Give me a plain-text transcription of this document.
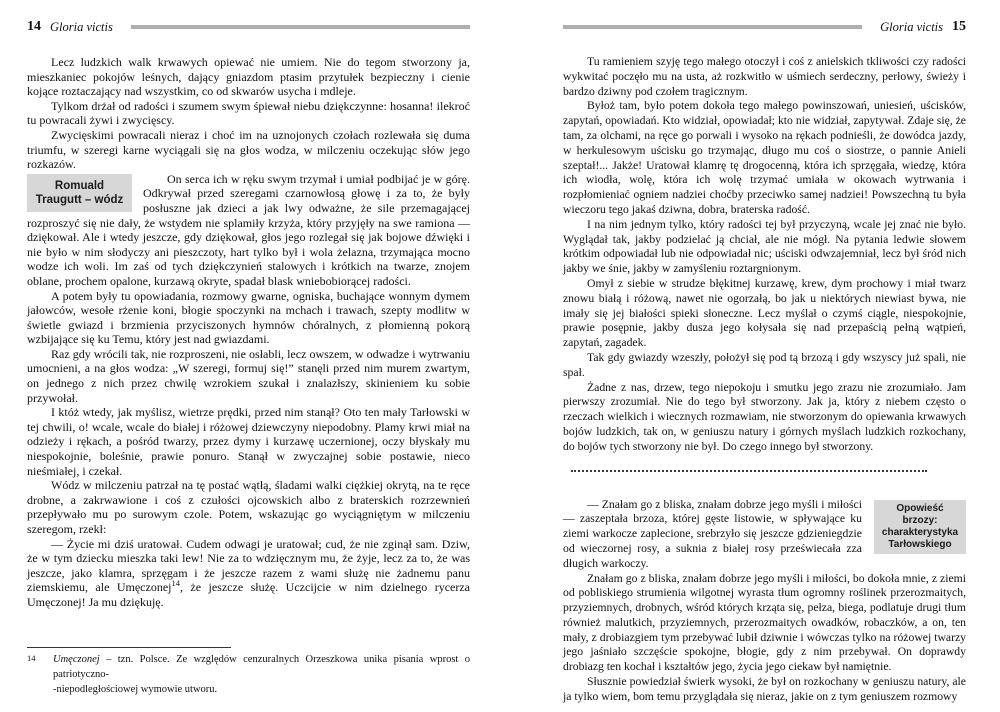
14 Gloria victis

Lecz ludzkich walk krwawych opiewać nie umiem. Nie do tegom stworzony ja, mieszkaniec pokojów leśnych, dający gniazdom ptasim przytułek bezpieczny i cienie kojące roztaczający nad wszystkim, co od skwarów usycha i mdleje.

Tylkom drżał od radości i szumem swym śpiewał niebu dziękczynne: hosanna! ilekroć tu powracali żywi i zwycięscy.

Zwycięskimi powracali nieraz i choć im na uznojonych czołach rozlewała się duma triumfu, w szeregi karne wyciągali się na głos wodza, w milczeniu oczekując słów jego rozkazów.

Romuald
Traugutt – wódz
On serca ich w ręku swym trzymał i umiał podbijać je w górę. Odkrywał przed szeregami czarnowłosą głowę i za to, że były posłuszne jak dzieci a jak lwy odważne, że sile przemagającej rozproszyć się nie dały, że wstydem nie splamiły krzyża, który przyjęły na swe ramiona — dziękował. Ale i wtedy jeszcze, gdy dziękował, głos jego rozlegał się jak bojowe dźwięki i nie było w nim słodyczy ani pieszczoty, hart tylko był i wola żelazna, trzymająca mocno wodze ich woli. Im zaś od tych dziękczynień stalowych i krótkich na twarze, znojem oblane, prochem opalone, kurzawą okryte, spadał blask wniebobiorącej radości.

A potem były tu opowiadania, rozmowy gwarne, ogniska, buchające wonnym dymem jałowców, wesołe rżenie koni, błogie spoczynki na mchach i trawach, szepty modlitw w świetle gwiazd i brzmienia przyciszonych hymnów chóralnych, z płomienną pokorą wzbijające się ku Temu, który jest nad gwiazdami.

Raz gdy wrócili tak, nie rozproszeni, nie osłabli, lecz owszem, w odwadze i wytrwaniu umocnieni, a na głos wodza: „W szeregi, formuj się!” stanęli przed nim murem zwartym, on jednego z nich przez chwilę wzrokiem szukał i znalazłszy, skinieniem ku sobie przywołał.

I któż wtedy, jak myślisz, wietrze prędki, przed nim stanął? Oto ten mały Tarłowski w tej chwili, o! wcale, wcale do białej i różowej dziewczyny niepodobny. Plamy krwi miał na odzieży i rękach, a pośród twarzy, przez dymy i kurzawę uczernionej, oczy błyskały mu niespokojnie, boleśnie, prawie ponuro. Stanął w zwyczajnej sobie postawie, nieco nieśmiałej, i czekał.

Wódz w milczeniu patrzał na tę postać wątłą, śladami walki ciężkiej okrytą, na te ręce drobne, a zakrwawione i coś z czułości ojcowskich albo z braterskich rozrzewnień przepływało mu po surowym czole. Potem, wskazując go wyciągniętym w milczeniu szeregom, rzekł:

— Życie mi dziś uratował. Cudem odwagi je uratował; cud, że nie zginął sam. Dziw, że w tym dziecku mieszka taki lew! Nie za to wdzięcznym mu, że żyje, lecz za to, że was jeszcze, jako klamra, sprzęgam i że jeszcze razem z wami służę nie żadnemu panu ziemskiemu, ale Umęczonej$^{14}$, że jeszcze służę. Uczcijcie w nim dzielnego rycerza Umęczonej! Ja mu dziękuję.

$^{14}$ Umęczonej – tzn. Polsce. Ze względów cenzuralnych Orzeszkowa unika pisania wprost o patriotyczno-
-niepodległościowej wymowie utworu.

Gloria victis 15

Tu ramieniem szyję tego małego otoczył i coś z anielskich tkliwości czy radości wykwitać poczęło mu na usta, aż rozkwitło w uśmiech serdeczny, perłowy, świeży i bardzo dziwny pod czołem tragicznym.

Byłoż tam, było potem dokoła tego małego powinszowań, uniesień, uścisków, zapytań, opowiadań. Kto widział, opowiadał; kto nie widział, zapytywał. Zdaje się, że tam, za olchami, na ręce go porwali i wysoko na rękach podnieśli, że dowódca jazdy, w herkulesowym uścisku go trzymając, długo mu coś o siostrze, o pannie Anieli szeptał!... Jakże! Uratował klamrę tę drogocenną, która ich sprzęgała, wiedzę, która ich wiodła, wolę, która ich wolę trzymać umiała w okowach wytrwania i rozpłomieniać ogniem nadziei choćby przeciwko samej nadziei! Powszechną tu była wieczoru tego jakaś dziwna, dobra, braterska radość.

I na nim jednym tylko, który radości tej był przyczyną, wcale jej znać nie było. Wyglądał tak, jakby podzielać ją chciał, ale nie mógł. Na pytania ledwie słowem krótkim odpowiadał lub nie odpowiadał nic; uściski odwzajemniał, lecz był śród nich jakby we śnie, jakby w zamyśleniu roztargnionym.

Omył z siebie w strudze błękitnej kurzawę, krew, dym prochowy i miał twarz znowu białą i różową, nawet nie ogorzałą, bo jak u niektórych niewiast bywa, nie imały się jej białości spieki słoneczne. Lecz myślał o czymś ciągle, niespokojnie, prawie posępnie, jakby dusza jego kołysała się nad przepaścią pełną wątpień, zapytań, zagadek.

Tak gdy gwiazdy wzeszły, położył się pod tą brzozą i gdy wszyscy już spali, nie spał.

Żadne z nas, drzew, tego niepokoju i smutku jego zrazu nie zrozumiało. Jam pierwszy zrozumiał. Nie do tego był stworzony. Jak ja, który z niebem często o rzeczach wielkich i wiecznych rozmawiam, nie stworzonym do opiewania krwawych bojów ludzkich, tak on, w geniuszu natury i górnych myślach ludzkich rozkochany, do bojów tych stworzony nie był. Do czego innego był stworzony.

Opowieść
brzozy:
charakterystyka
Tarłowskiego
— Znałam go z bliska, znałam dobrze jego myśli i miłości — zaszeptała brzoza, której gęste listowie, w spływające ku ziemi warkocze zaplecione, srebrzyło się jeszcze gdzieniegdzie od wieczornej rosy, a suknia z białej rosy przeświecała zza długich warkoczy.

Znałam go z bliska, znałam dobrze jego myśli i miłości, bo dokoła mnie, z ziemi od pobliskiego strumienia wilgotnej wyrasta tłum ogromny roślinek przerozmaitych, przyziemnych, drobnych, wśród których krząta się, pełza, biega, podlatuje drugi tłum również malutkich, przyziemnych, przerozmaitych owadków, robaczków, a on, ten mały, z drobiazgiem tym przebywać lubił dziwnie i wówczas tylko na różowej twarzy jego jaśniało szczęście spokojne, błogie, gdy z nim przebywał. On doprawdy drobiazg ten kochał i kształtów jego, życia jego ciekaw był namiętnie.

Słusznie powiedział świerk wysoki, że był on rozkochany w geniuszu natury, ale ja tylko wiem, bom temu przyglądała się nieraz, jakie on z tym geniuszem rozmowy
